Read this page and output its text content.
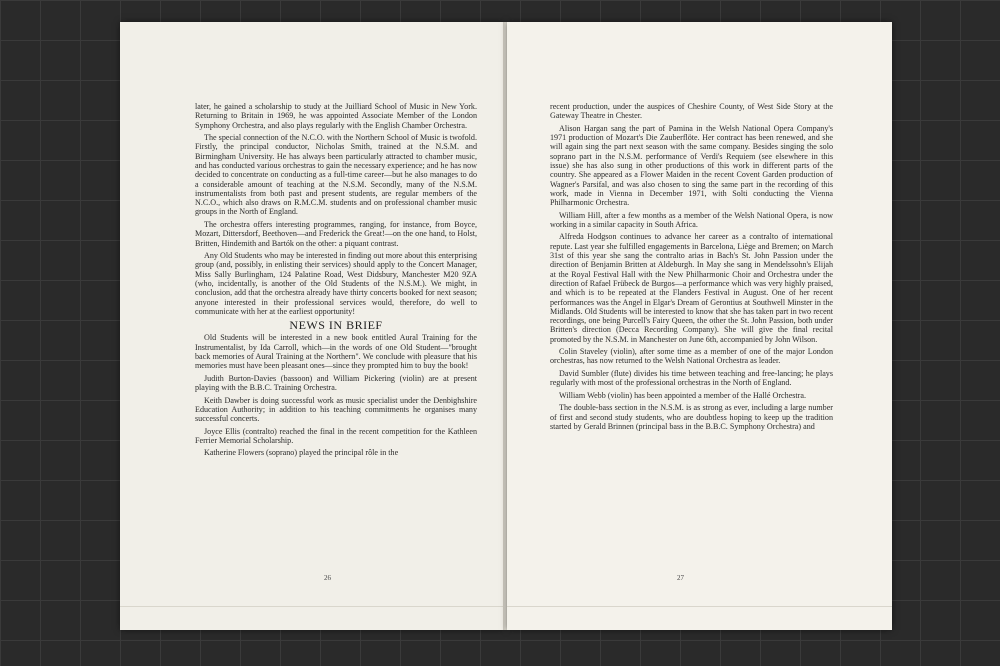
later, he gained a scholarship to study at the Juilliard School of Music in New York. Returning to Britain in 1969, he was appointed Associate Member of the London Symphony Orchestra, and also plays regularly with the English Chamber Orchestra.

The special connection of the N.C.O. with the Northern School of Music is twofold. Firstly, the principal conductor, Nicholas Smith, trained at the N.S.M. and Birmingham University. He has always been particularly attracted to chamber music, and has conducted various orchestras to gain the necessary experience; and he has now decided to concentrate on conducting as a full-time career—but he also manages to do a considerable amount of teaching at the N.S.M. Secondly, many of the N.S.M. instrumentalists from both past and present students, are regular members of the N.C.O., which also draws on R.M.C.M. students and on professional chamber music groups in the North of England.

The orchestra offers interesting programmes, ranging, for instance, from Boyce, Mozart, Dittersdorf, Beethoven—and Frederick the Great!—on the one hand, to Holst, Britten, Hindemith and Bartók on the other: a piquant contrast.

Any Old Students who may be interested in finding out more about this enterprising group (and, possibly, in enlisting their services) should apply to the Concert Manager, Miss Sally Burlingham, 124 Palatine Road, West Didsbury, Manchester M20 9ZA (who, incidentally, is another of the Old Students of the N.S.M.). We might, in conclusion, add that the orchestra already have thirty concerts booked for next season; anyone interested in their professional services would, therefore, do well to communicate with her at the earliest opportunity!

NEWS IN BRIEF

Old Students will be interested in a new book entitled Aural Training for the Instrumentalist, by Ida Carroll, which—in the words of one Old Student—"brought back memories of Aural Training at the Northern". We conclude with pleasure that his memories must have been pleasant ones—since they prompted him to buy the book!

Judith Burton-Davies (bassoon) and William Pickering (violin) are at present playing with the B.B.C. Training Orchestra.

Keith Dawber is doing successful work as music specialist under the Denbighshire Education Authority; in addition to his teaching commitments he organises many successful concerts.

Joyce Ellis (contralto) reached the final in the recent competition for the Kathleen Ferrier Memorial Scholarship.

Katherine Flowers (soprano) played the principal rôle in the

26

recent production, under the auspices of Cheshire County, of West Side Story at the Gateway Theatre in Chester.

Alison Hargan sang the part of Pamina in the Welsh National Opera Company's 1971 production of Mozart's Die Zauberflöte. Her contract has been renewed, and she will again sing the part next season with the same company. Besides singing the solo soprano part in the N.S.M. performance of Verdi's Requiem (see elsewhere in this issue) she has also sung in other productions of this work in different parts of the country. She appeared as a Flower Maiden in the recent Covent Garden production of Wagner's Parsifal, and was also chosen to sing the same part in the recording of this work, made in Vienna in December 1971, with Solti conducting the Vienna Philharmonic Orchestra.

William Hill, after a few months as a member of the Welsh National Opera, is now working in a similar capacity in South Africa.

Alfreda Hodgson continues to advance her career as a contralto of international repute. Last year she fulfilled engagements in Barcelona, Liège and Bremen; on March 31st of this year she sang the contralto arias in Bach's St. John Passion under the direction of Benjamin Britten at Aldeburgh. In May she sang in Mendelssohn's Elijah at the Royal Festival Hall with the New Philharmonic Choir and Orchestra under the direction of Rafael Frübeck de Burgos—a performance which was very highly praised, and which is to be repeated at the Flanders Festival in August. One of her recent performances was the Angel in Elgar's Dream of Gerontius at Southwell Minster in the Midlands. Old Students will be interested to know that she has taken part in two recent recordings, one being Purcell's Fairy Queen, the other the St. John Passion, both under Britten's direction (Decca Recording Company). She will give the final recital promoted by the N.S.M. in Manchester on June 6th, accompanied by John Wilson.

Colin Staveley (violin), after some time as a member of one of the major London orchestras, has now returned to the Welsh National Orchestra as leader.

David Sumbler (flute) divides his time between teaching and free-lancing; he plays regularly with most of the professional orchestras in the North of England.

William Webb (violin) has been appointed a member of the Hallé Orchestra.

The double-bass section in the N.S.M. is as strong as ever, including a large number of first and second study students, who are doubtless hoping to keep up the tradition started by Gerald Brinnen (principal bass in the B.B.C. Symphony Orchestra) and

27
